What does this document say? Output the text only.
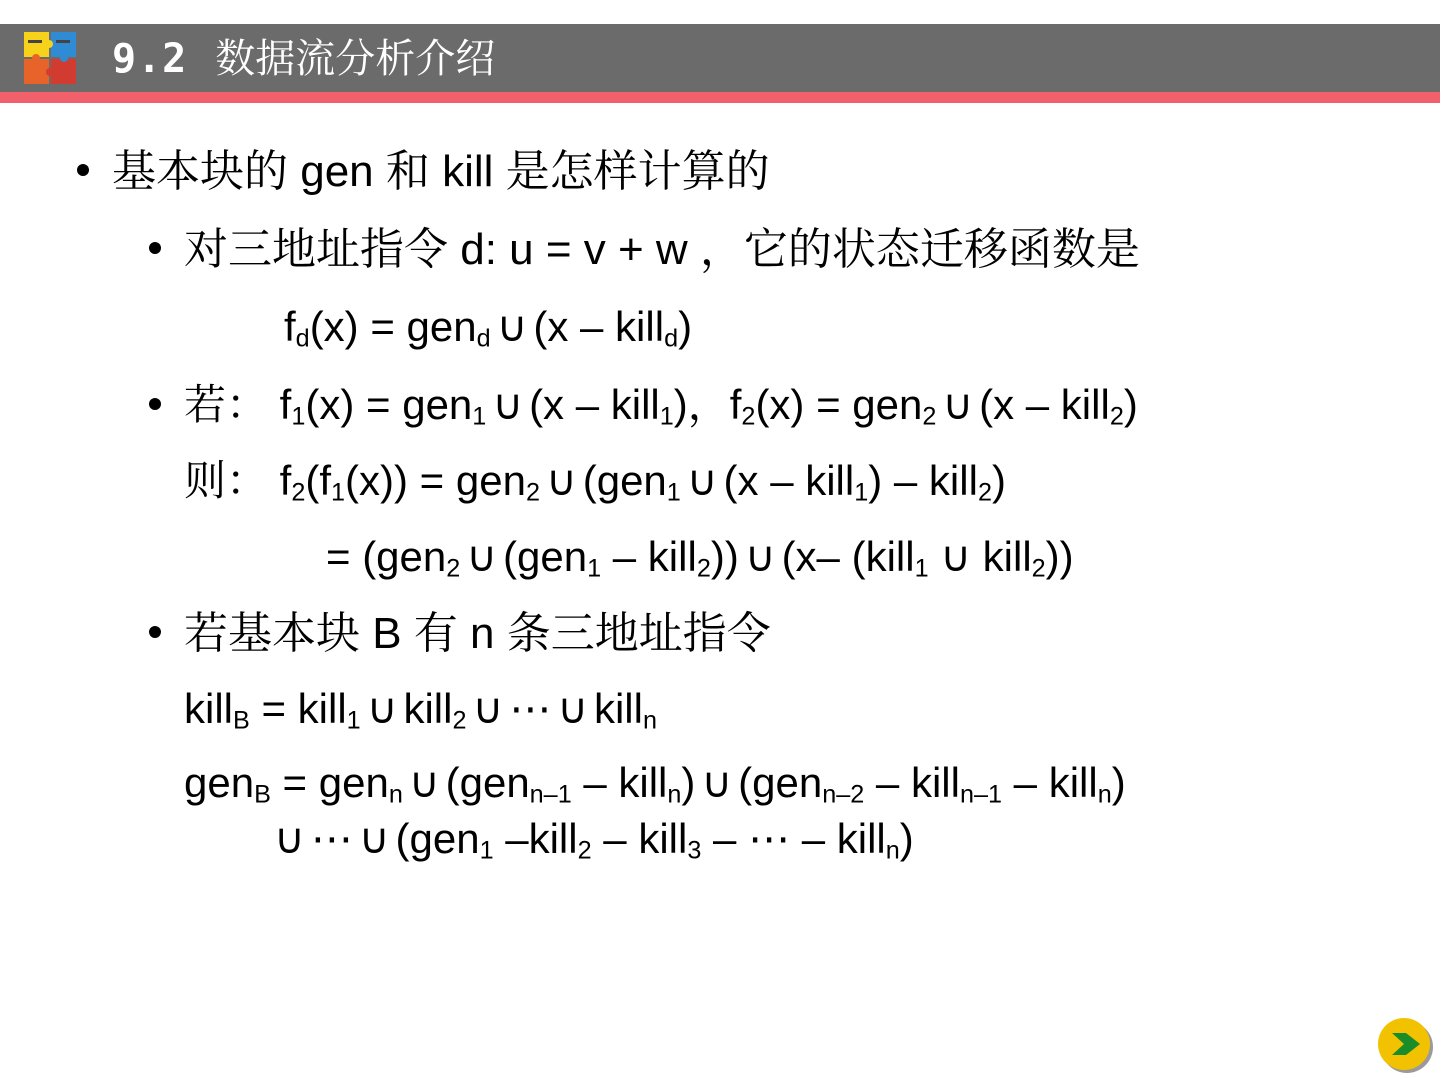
9.2 数据流分析介绍
基本块的 gen 和 kill 是怎样计算的
对三地址指令 d: u = v + w ，它的状态迁移函数是
$f_d(x) = gen_d$ ∪ (x – kill$_d$)
若： $f_1(x) = gen_1$ ∪ (x – kill$_1$)，$f_2(x) = gen_2$ ∪ (x – kill$_2$)
则： $f_2(f_1(x)) = gen_2$ ∪ (gen$_1$ ∪ (x – kill$_1$) – kill$_2$)
= (gen$_2$ ∪ (gen$_1$ – kill$_2$)) ∪ (x– (kill$_1$ ∪ kill$_2$))
若基本块 B 有 n 条三地址指令
kill$_B$ = kill$_1$ ∪ kill$_2$ ∪ ⋯ ∪ kill$_n$
gen$_B$ = gen$_n$ ∪ (gen$_{n-1}$ – kill$_n$) ∪ (gen$_{n-2}$ – kill$_{n-1}$ – kill$_n$)
∪ ⋯ ∪ (gen$_1$ –kill$_2$ – kill$_3$ – ⋯ – kill$_n$)
